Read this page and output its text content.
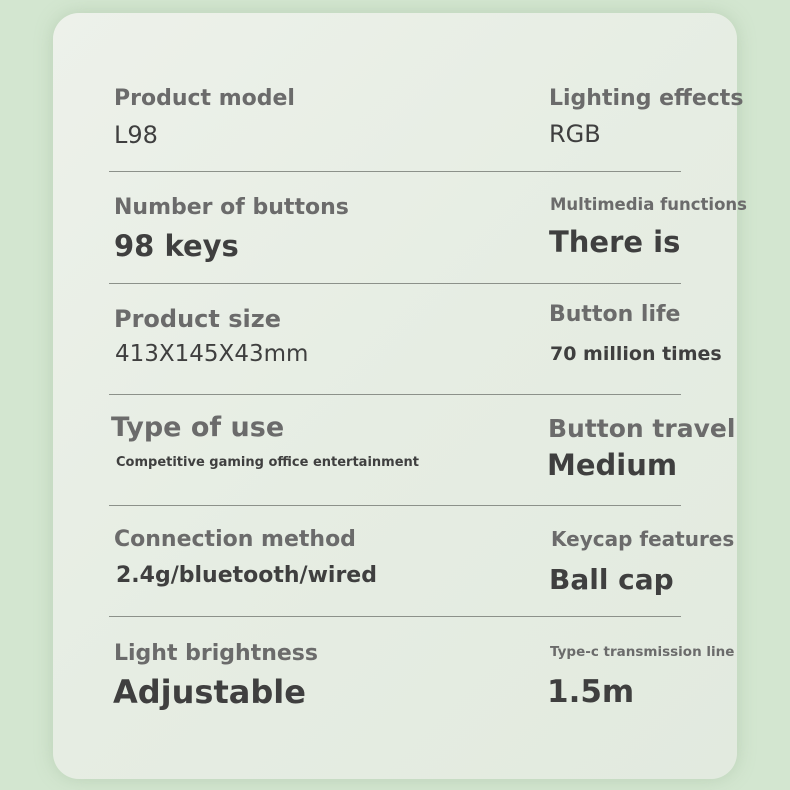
Product model
L98
Lighting effects
RGB
Number of buttons
98 keys
Multimedia functions
There is
Product size
413X145X43mm
Button life
70 million times
Type of use
Competitive gaming office entertainment
Button travel
Medium
Connection method
2.4g/bluetooth/wired
Keycap features
Ball cap
Light brightness
Adjustable
Type-c transmission line
1.5m
